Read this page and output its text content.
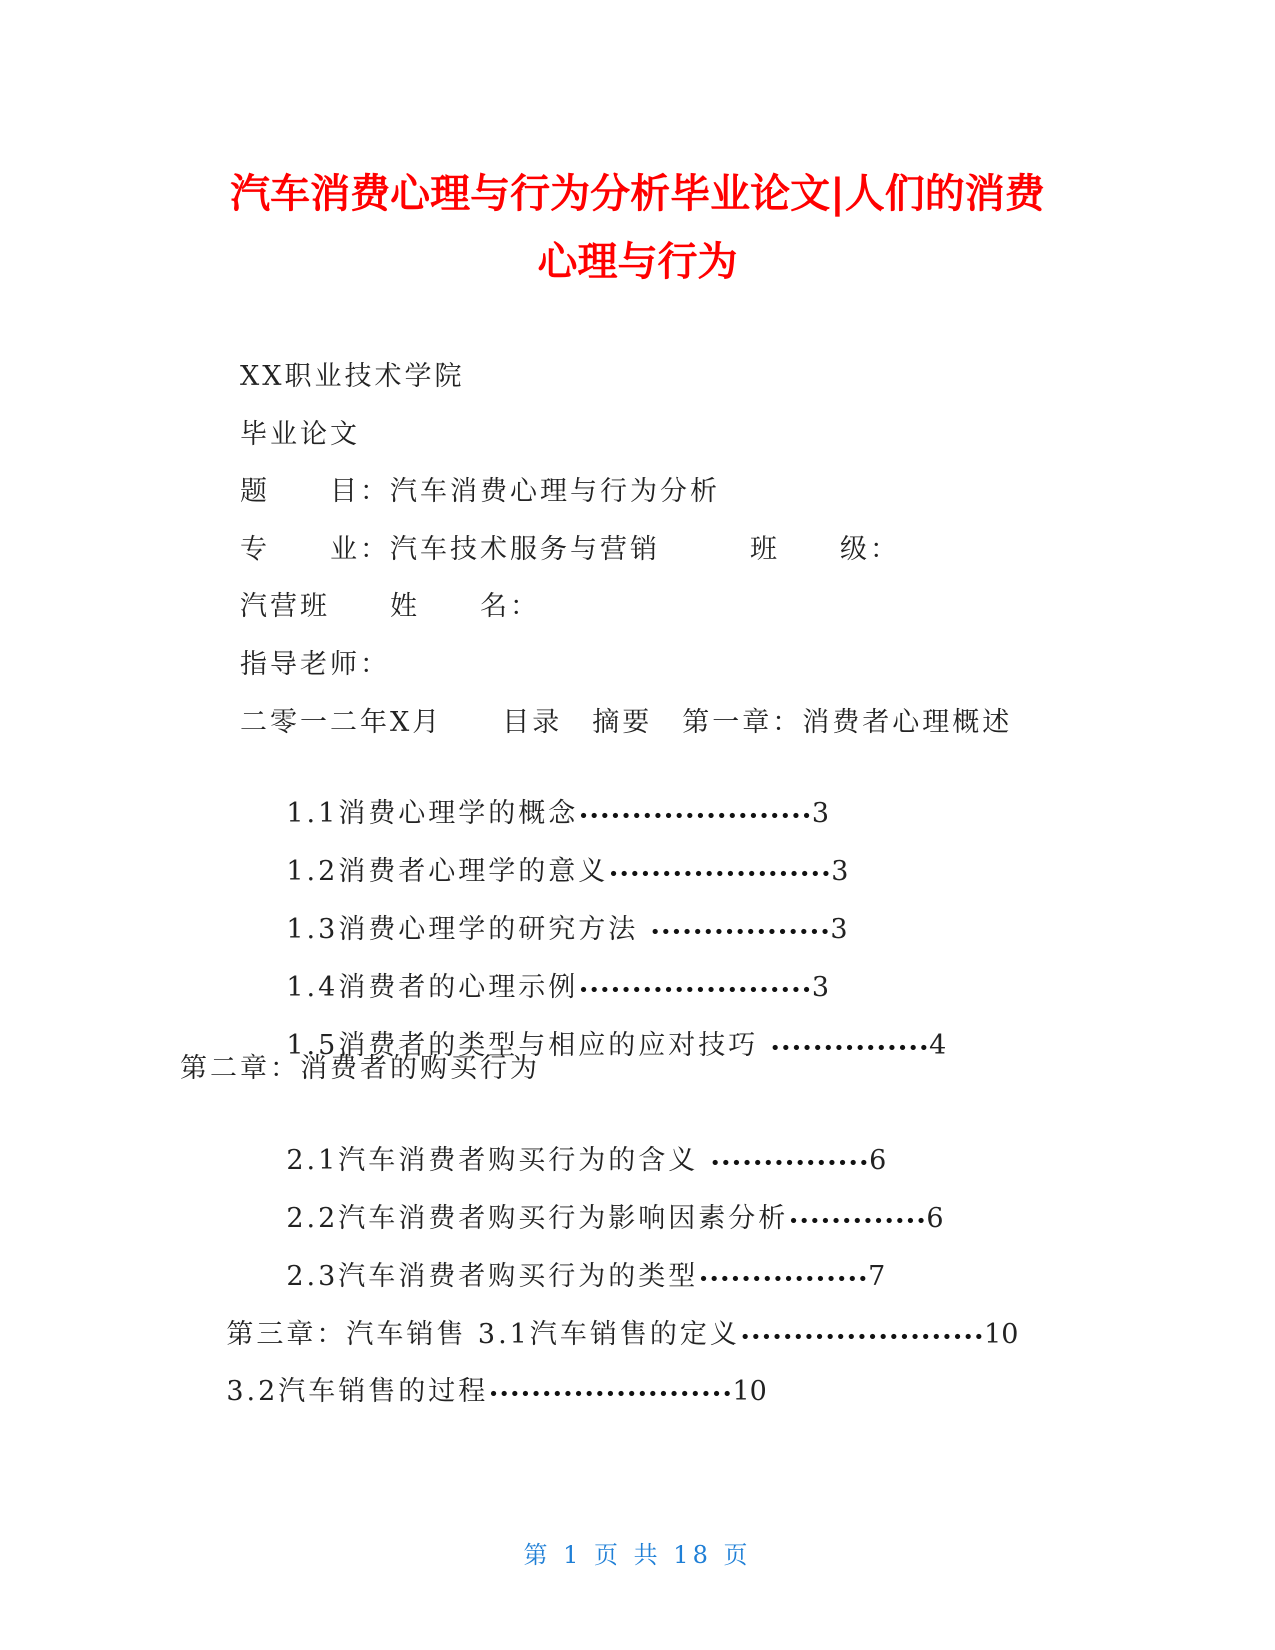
汽车消费心理与行为分析毕业论文|人们的消费
心理与行为
XX职业技术学院
毕业论文
题　　目：汽车消费心理与行为分析
专　　业：汽车技术服务与营销　　　班　　级：
汽营班　　姓　　名：
指导老师：
二零一二年X月　　目录　摘要　第一章：消费者心理概述

1.1消费心理学的概念••••••••••••••••••••••3

1.2消费者心理学的意义•••••••••••••••••••••3

1.3消费心理学的研究方法 •••••••••••••••••3

1.4消费者的心理示例••••••••••••••••••••••3

1.5消费者的类型与相应的应对技巧 •••••••••••••••4

第二章：消费者的购买行为

2.1汽车消费者购买行为的含义 •••••••••••••••6

2.2汽车消费者购买行为影响因素分析•••••••••••••6

2.3汽车消费者购买行为的类型••••••••••••••••7

第三章：汽车销售 3.1汽车销售的定义•••••••••••••••••••••••10

3.2汽车销售的过程•••••••••••••••••••••••10

第 1 页 共 18 页
